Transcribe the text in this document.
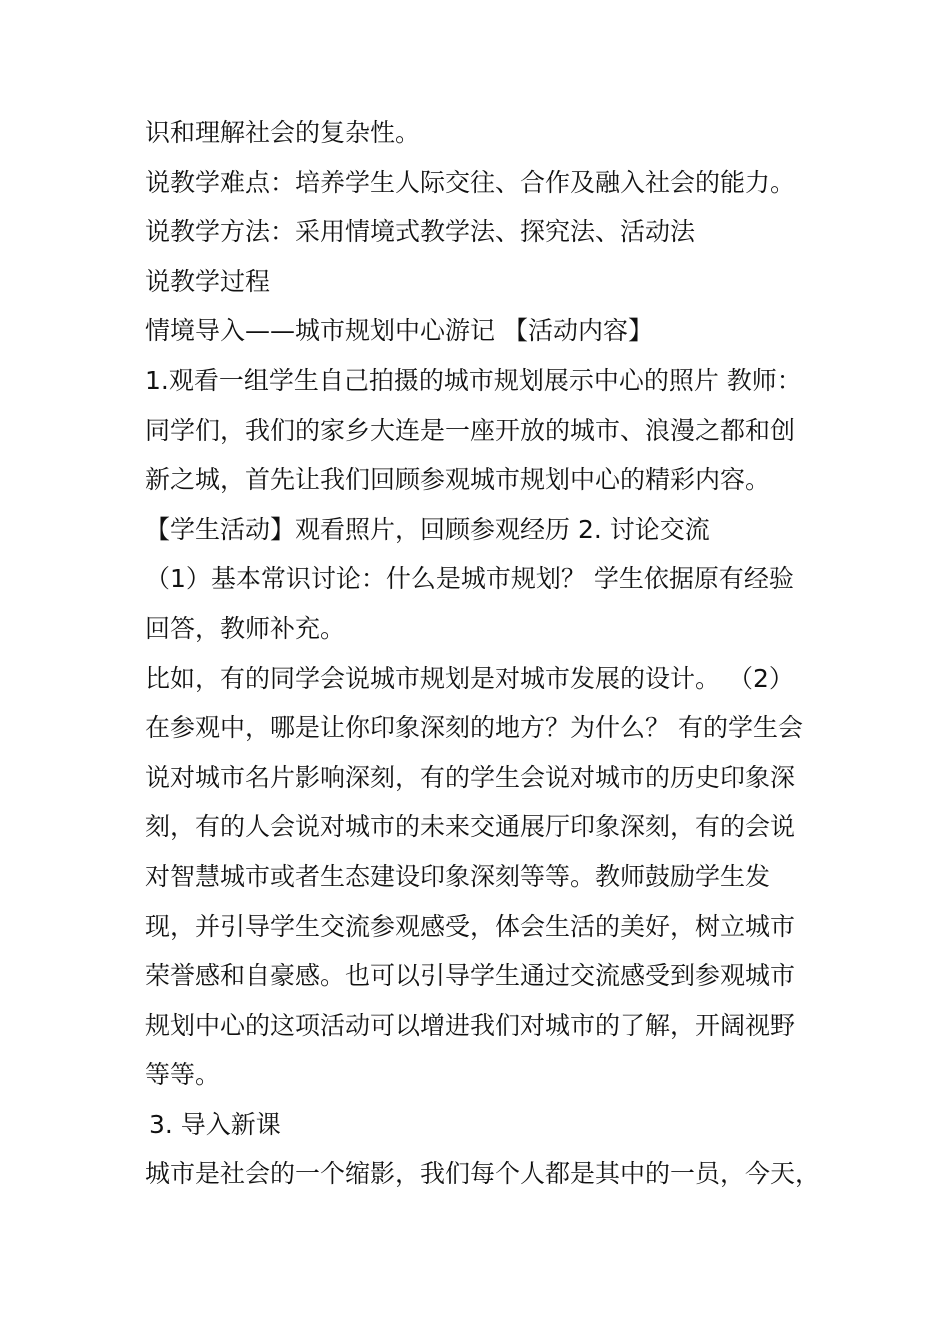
识和理解社会的复杂性。
说教学难点：培养学生人际交往、合作及融入社会的能力。
说教学方法：采用情境式教学法、探究法、活动法
说教学过程
情境导入——城市规划中心游记 【活动内容】
1.观看一组学生自己拍摄的城市规划展示中心的照片 教师：
同学们，我们的家乡大连是一座开放的城市、浪漫之都和创
新之城，首先让我们回顾参观城市规划中心的精彩内容。
【学生活动】观看照片，回顾参观经历 2. 讨论交流
（1）基本常识讨论：什么是城市规划？ 学生依据原有经验
回答，教师补充。
比如，有的同学会说城市规划是对城市发展的设计。 （2）
在参观中，哪是让你印象深刻的地方？为什么？ 有的学生会
说对城市名片影响深刻，有的学生会说对城市的历史印象深
刻，有的人会说对城市的未来交通展厅印象深刻，有的会说
对智慧城市或者生态建设印象深刻等等。教师鼓励学生发
现，并引导学生交流参观感受，体会生活的美好，树立城市
荣誉感和自豪感。也可以引导学生通过交流感受到参观城市
规划中心的这项活动可以增进我们对城市的了解，开阔视野
等等。
3. 导入新课
城市是社会的一个缩影，我们每个人都是其中的一员，今天，
